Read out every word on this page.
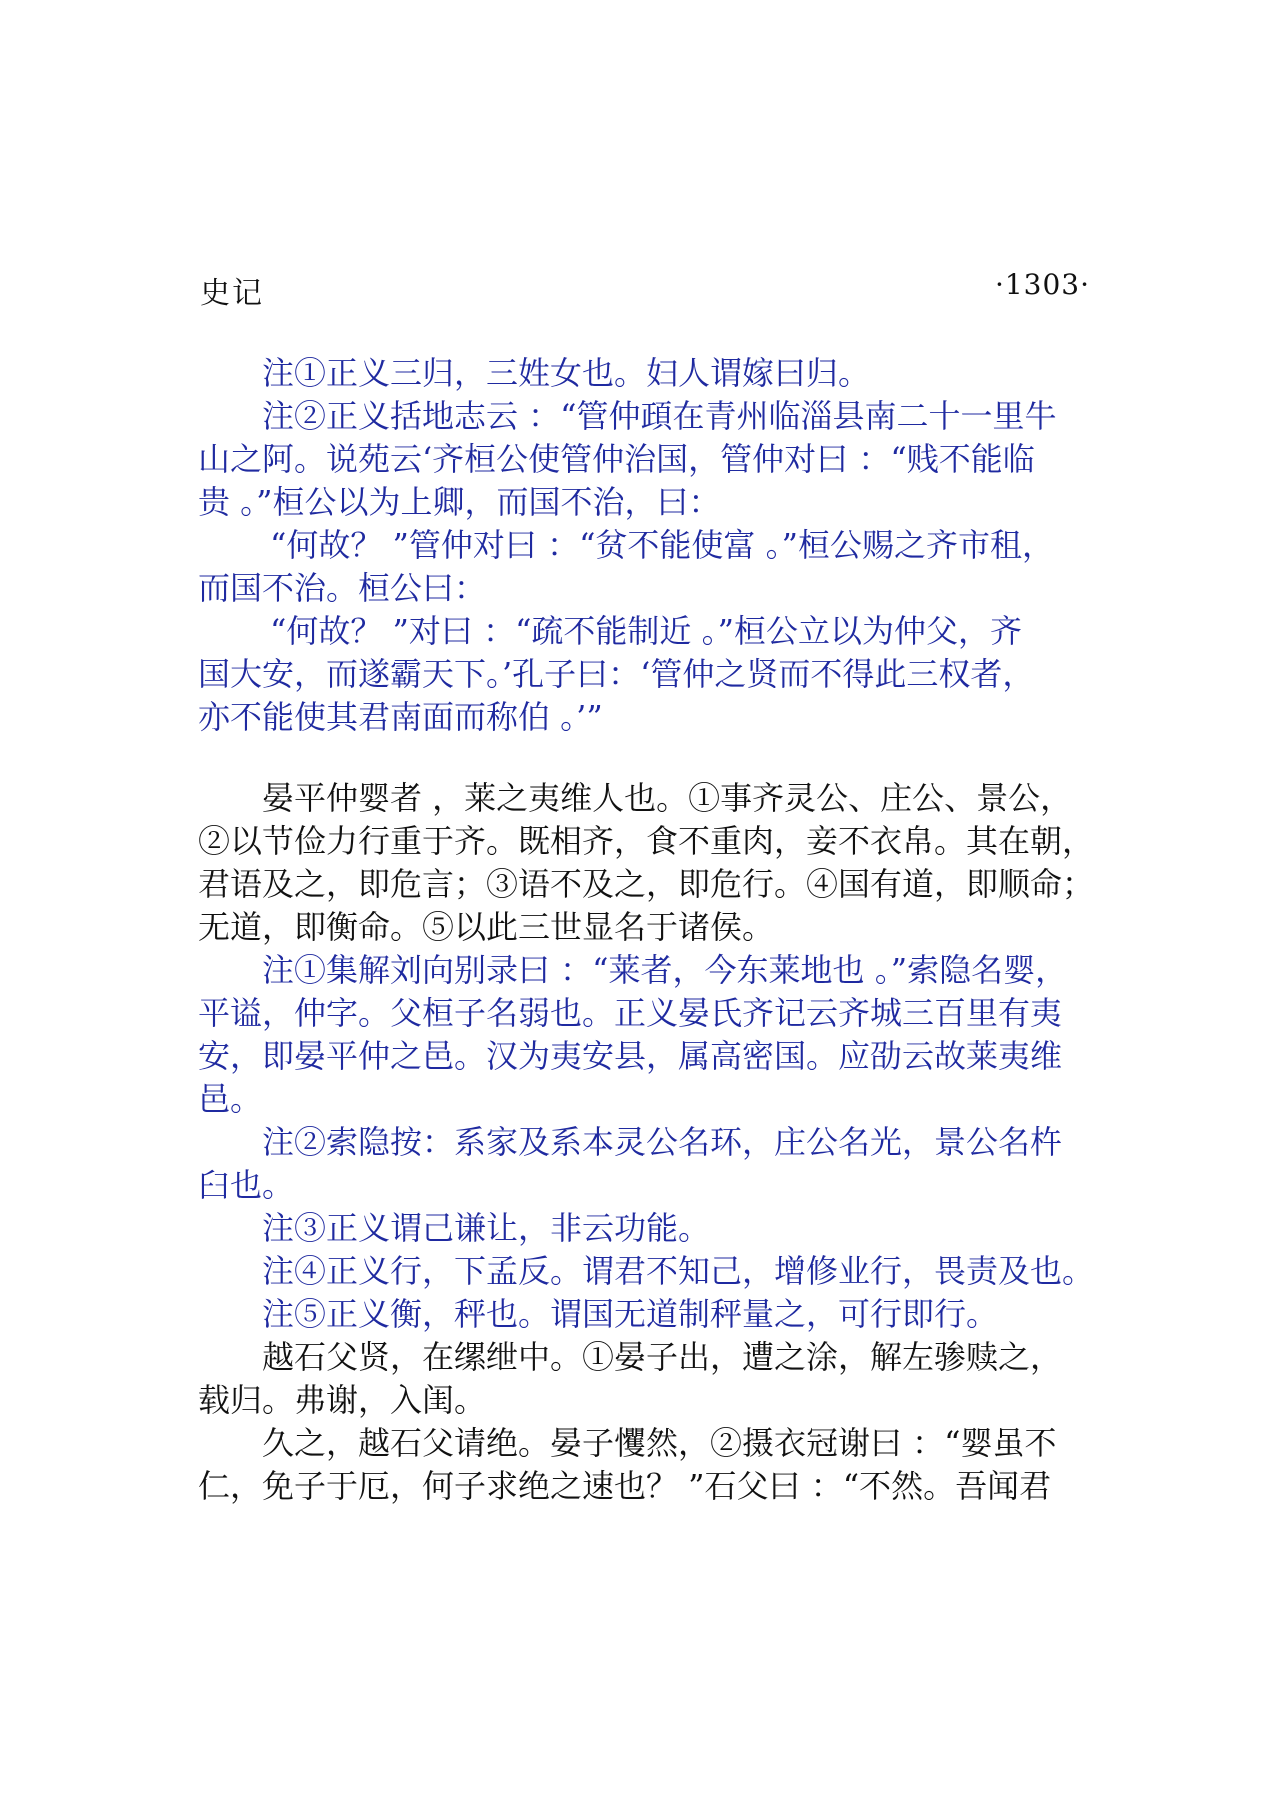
史记	·1303·
注①正义三归，三姓女也。妇人谓嫁曰归。
注②正义括地志云 ：“管仲頙在青州临淄县南二十一里牛
山之阿。说苑云‘齐桓公使管仲治国，管仲对曰 ：“贱不能临
贵 。”桓公以为上卿，而国不治，曰：
“何故？ ”管仲对曰 ：“贫不能使富 。”桓公赐之齐市租，
而国不治。桓公曰：
“何故？ ”对曰 ：“疏不能制近 。”桓公立以为仲父，齐
国大安，而遂霸天下。’孔子曰：‘管仲之贤而不得此三权者，
亦不能使其君南面而称伯 。’”
晏平仲婴者 ，莱之夷维人也。①事齐灵公、庄公、景公，
②以节俭力行重于齐。既相齐，食不重肉，妾不衣帛。其在朝，
君语及之，即危言；③语不及之，即危行。④国有道，即顺命；
无道，即衡命。⑤以此三世显名于诸侯。
注①集解刘向别录曰 ：“莱者，今东莱地也 。”索隐名婴，
平谥，仲字。父桓子名弱也。正义晏氏齐记云齐城三百里有夷
安，即晏平仲之邑。汉为夷安县，属高密国。应劭云故莱夷维
邑。
注②索隐按：系家及系本灵公名环，庄公名光，景公名杵
臼也。
注③正义谓己谦让，非云功能。
注④正义行，下孟反。谓君不知己，增修业行，畏责及也。
注⑤正义衡，秤也。谓国无道制秤量之，可行即行。
越石父贤，在缧绁中。①晏子出，遭之涂，解左骖赎之，
载归。弗谢，入闺。
久之，越石父请绝。晏子戄然，②摄衣冠谢曰 ：“婴虽不
仁，免子于厄，何子求绝之速也？ ”石父曰 ：“不然。吾闻君
